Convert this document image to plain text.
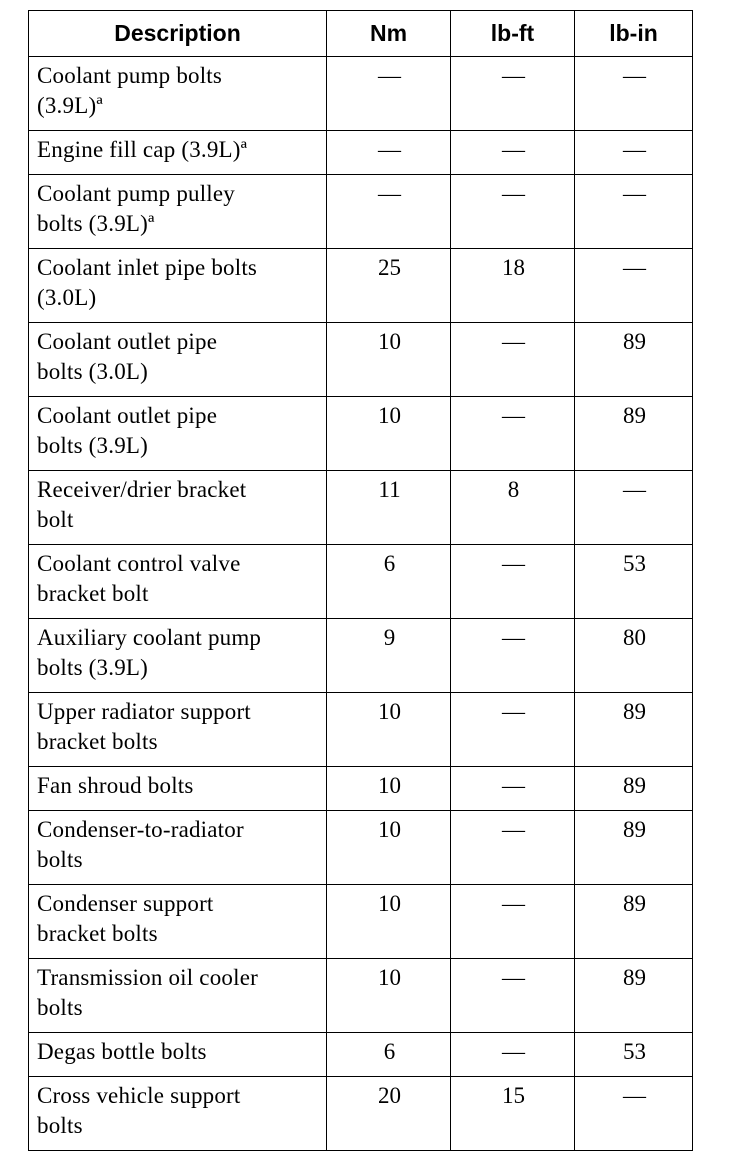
Description	Nm	lb-ft	lb-in

Coolant pump bolts
(3.9L)ª	—	—	—

Engine fill cap (3.9L)ª	—	—	—

Coolant pump pulley
bolts (3.9L)ª	—	—	—

Coolant inlet pipe bolts
(3.0L)	25	18	—

Coolant outlet pipe
bolts (3.0L)	10	—	89

Coolant outlet pipe
bolts (3.9L)	10	—	89

Receiver/drier bracket
bolt	11	8	—

Coolant control valve
bracket bolt	6	—	53

Auxiliary coolant pump
bolts (3.9L)	9	—	80

Upper radiator support
bracket bolts	10	—	89

Fan shroud bolts	10	—	89

Condenser-to-radiator
bolts	10	—	89

Condenser support
bracket bolts	10	—	89

Transmission oil cooler
bolts	10	—	89

Degas bottle bolts	6	—	53

Cross vehicle support
bolts	20	15	—
